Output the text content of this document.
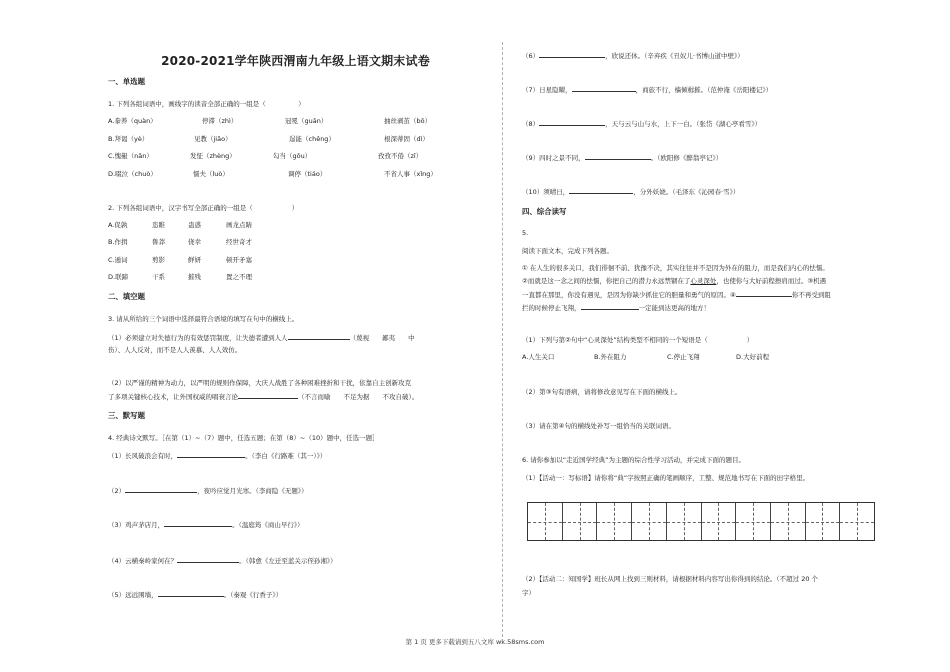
2020-2021学年陕西渭南九年级上语文期末试卷
一、单选题
1. 下列各组词语中，画线字的读音全部正确的一组是（　　　　　）
A.豢养（quàn）	停滞（zhì）	冠冕（guān）	抽丝剥茧（bō）
B.拜谒（yè）	见教（jiāo）	逞能（chěng）	根深蒂固（dì）
C.愧赧（nǎn）	发怔（zhèng）	勾当（gōu）	孜孜不倦（zī）
D.啜泣（chuò）	懦夫（luò）	调停（tiáo）	不省人事（xǐng）
2. 下列各组词语中，汉字书写全部正确的一组是（　　　　　　）
A.促孰	恣睢	蛊惑	画龙点睛
B.作揖	鲁莽	侥幸	经世奇才
C.遁词	剪影	鲜妍	顿开矛塞
D.联蹄	干系	摧残	置之不理
二、填空题
3. 请从所给的三个词语中选择最符合语境的填写在句中的横线上。
（1）必须建立对失德行为的有效惩罚制度，让失德者遭到人人	（蔑视　　鄙夷　　中
伤）、人人反对，而不是人人羡慕、人人效仿。
（2）以严谨的精神为动力，以严明的规则作保障，大庆人战胜了各种困难挫折和干扰，依靠自主创新攻克
了多项关键核心技术，让外国权威的唱衰言论	（不言而喻　　不足为据　　不攻自破）。
三、默写题
4. 经典诗文默写。［在第（1）~（7）题中，任选五题；在第（8）~（10）题中，任选一题］
（1）长风破浪会有时，	。（李白《行路难（其一）》）
（2）	，夜吟应觉月光寒。（李商隐《无题》）
（3）鸡声茅店月，	。（温庭筠《商山早行》）
（4）云横秦岭家何在？	。（韩愈《左迁至蓝关示侄孙湘》）
（5）远远围墙，	。（秦观《行香子》）
（6）	，欣说还休。（辛弃疾《丑奴儿·书博山道中壁》）
（7）日星隐曜，	，商旅不行，樯倾楫摧。（范仲淹《岳阳楼记》）
（8）	，天与云与山与水，上下一白。（张岱《湖心亭看雪》）
（9）四时之景不同，	。（欧阳修《醉翁亭记》）
（10）须晴日，	，分外妖娆。（毛泽东《沁园春·雪》）
四、综合读写
5.
阅读下面文本，完成下列各题。
① 在人生的很多关口，我们徘徊不前、犹豫不决，其实往往并不是因为外在的阻力，而是我们内心的怯懦。
②而就是这一念之间的怯懦，你把自己的潜力永远禁锢在了心灵深处，也使你与大好前程擦肩而过。③机遇
一直都在那里，你没有遇见，是因为你缺少抓住它的胆量和勇气的原因。④	你不再受到阻
拦的时候停止飞翔，	一定能到达更高的地方！
（1）下列与第②句中“心灵深处”结构类型不相同的一个短语是（　　　　　　）
A.人生关口	B.外在阻力	C.停止飞翔	D.大好前程
（2）第③句有语病，请将修改意见写在下面的横线上。
（3）请在第④句的横线处补写一组恰当的关联词语。
6. 请你参加以“走近国学经典”为主题的综合性学习活动，并完成下面的题目。
（1）【活动一：写标语】请你将“典”字按照正确的笔画顺序，工整、规范地书写在下面的田字格里。
（2）【活动二：知国学】班长从网上找到三则材料，请根据材料内容写出你得到的结论。（不超过 20 个
字）
第 1 页 更多下载请到五八文库 wk.58sms.com
